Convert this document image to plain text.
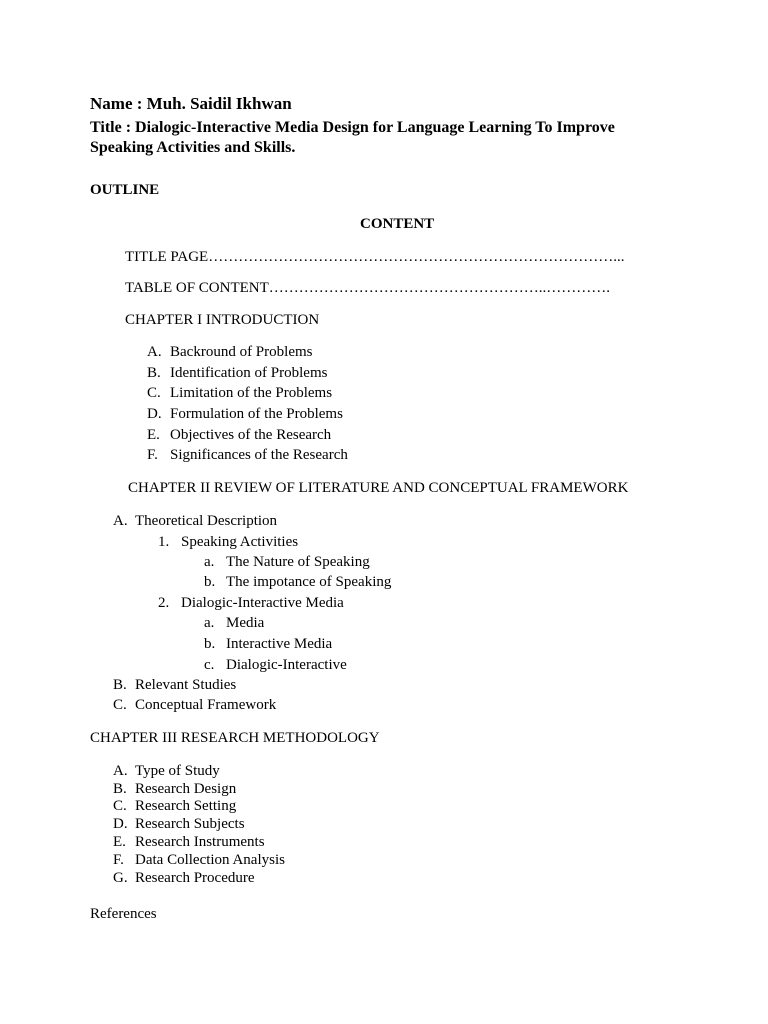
Name : Muh. Saidil Ikhwan
Title : Dialogic-Interactive Media Design for Language Learning To Improve
Speaking Activities and Skills.
OUTLINE
CONTENT
TITLE PAGE………………………………………………………………………...
TABLE OF CONTENT………………………………………………..………….
CHAPTER I INTRODUCTION
A. Backround of Problems
B. Identification of Problems
C. Limitation of the Problems
D. Formulation of the Problems
E. Objectives of the Research
F. Significances of the Research
CHAPTER II REVIEW OF LITERATURE AND CONCEPTUAL FRAMEWORK
A. Theoretical Description
1. Speaking Activities
a. The Nature of Speaking
b. The impotance of Speaking
2. Dialogic-Interactive Media
a. Media
b. Interactive Media
c. Dialogic-Interactive
B. Relevant Studies
C. Conceptual Framework
CHAPTER III RESEARCH METHODOLOGY
A. Type of Study
B. Research Design
C. Research Setting
D. Research Subjects
E. Research Instruments
F. Data Collection Analysis
G. Research Procedure
References
